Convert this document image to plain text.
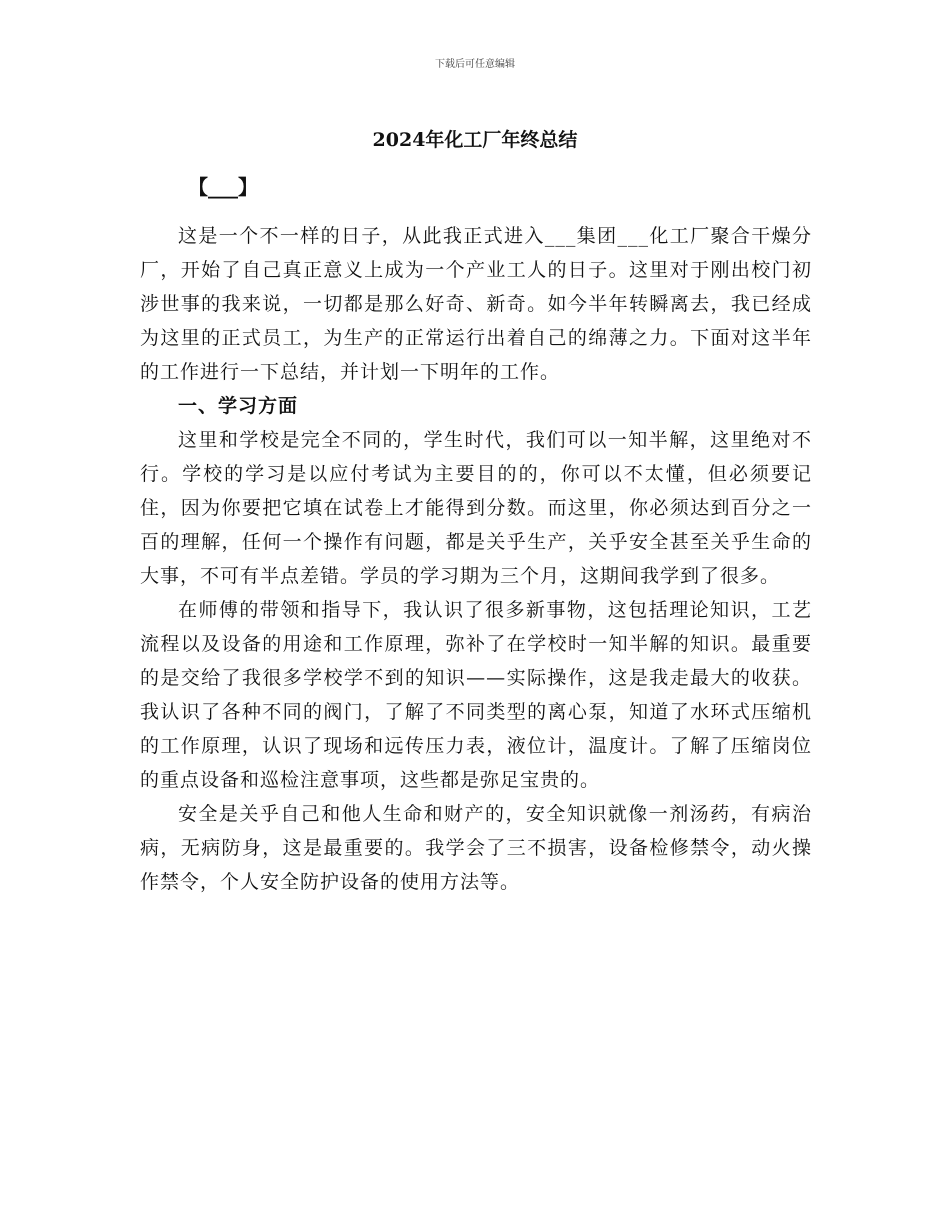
下载后可任意编辑
2024年化工厂年终总结
【___】

这是一个不一样的日子，从此我正式进入___集团___化工厂聚合干燥分厂，开始了自己真正意义上成为一个产业工人的日子。这里对于刚出校门初涉世事的我来说，一切都是那么好奇、新奇。如今半年转瞬离去，我已经成为这里的正式员工，为生产的正常运行出着自己的绵薄之力。下面对这半年的工作进行一下总结，并计划一下明年的工作。

一、学习方面

这里和学校是完全不同的，学生时代，我们可以一知半解，这里绝对不行。学校的学习是以应付考试为主要目的的，你可以不太懂，但必须要记住，因为你要把它填在试卷上才能得到分数。而这里，你必须达到百分之一百的理解，任何一个操作有问题，都是关乎生产，关乎安全甚至关乎生命的大事，不可有半点差错。学员的学习期为三个月，这期间我学到了很多。

在师傅的带领和指导下，我认识了很多新事物，这包括理论知识，工艺流程以及设备的用途和工作原理，弥补了在学校时一知半解的知识。最重要的是交给了我很多学校学不到的知识——实际操作，这是我走最大的收获。我认识了各种不同的阀门，了解了不同类型的离心泵，知道了水环式压缩机的工作原理，认识了现场和远传压力表，液位计，温度计。了解了压缩岗位的重点设备和巡检注意事项，这些都是弥足宝贵的。

安全是关乎自己和他人生命和财产的，安全知识就像一剂汤药，有病治病，无病防身，这是最重要的。我学会了三不损害，设备检修禁令，动火操作禁令，个人安全防护设备的使用方法等。
